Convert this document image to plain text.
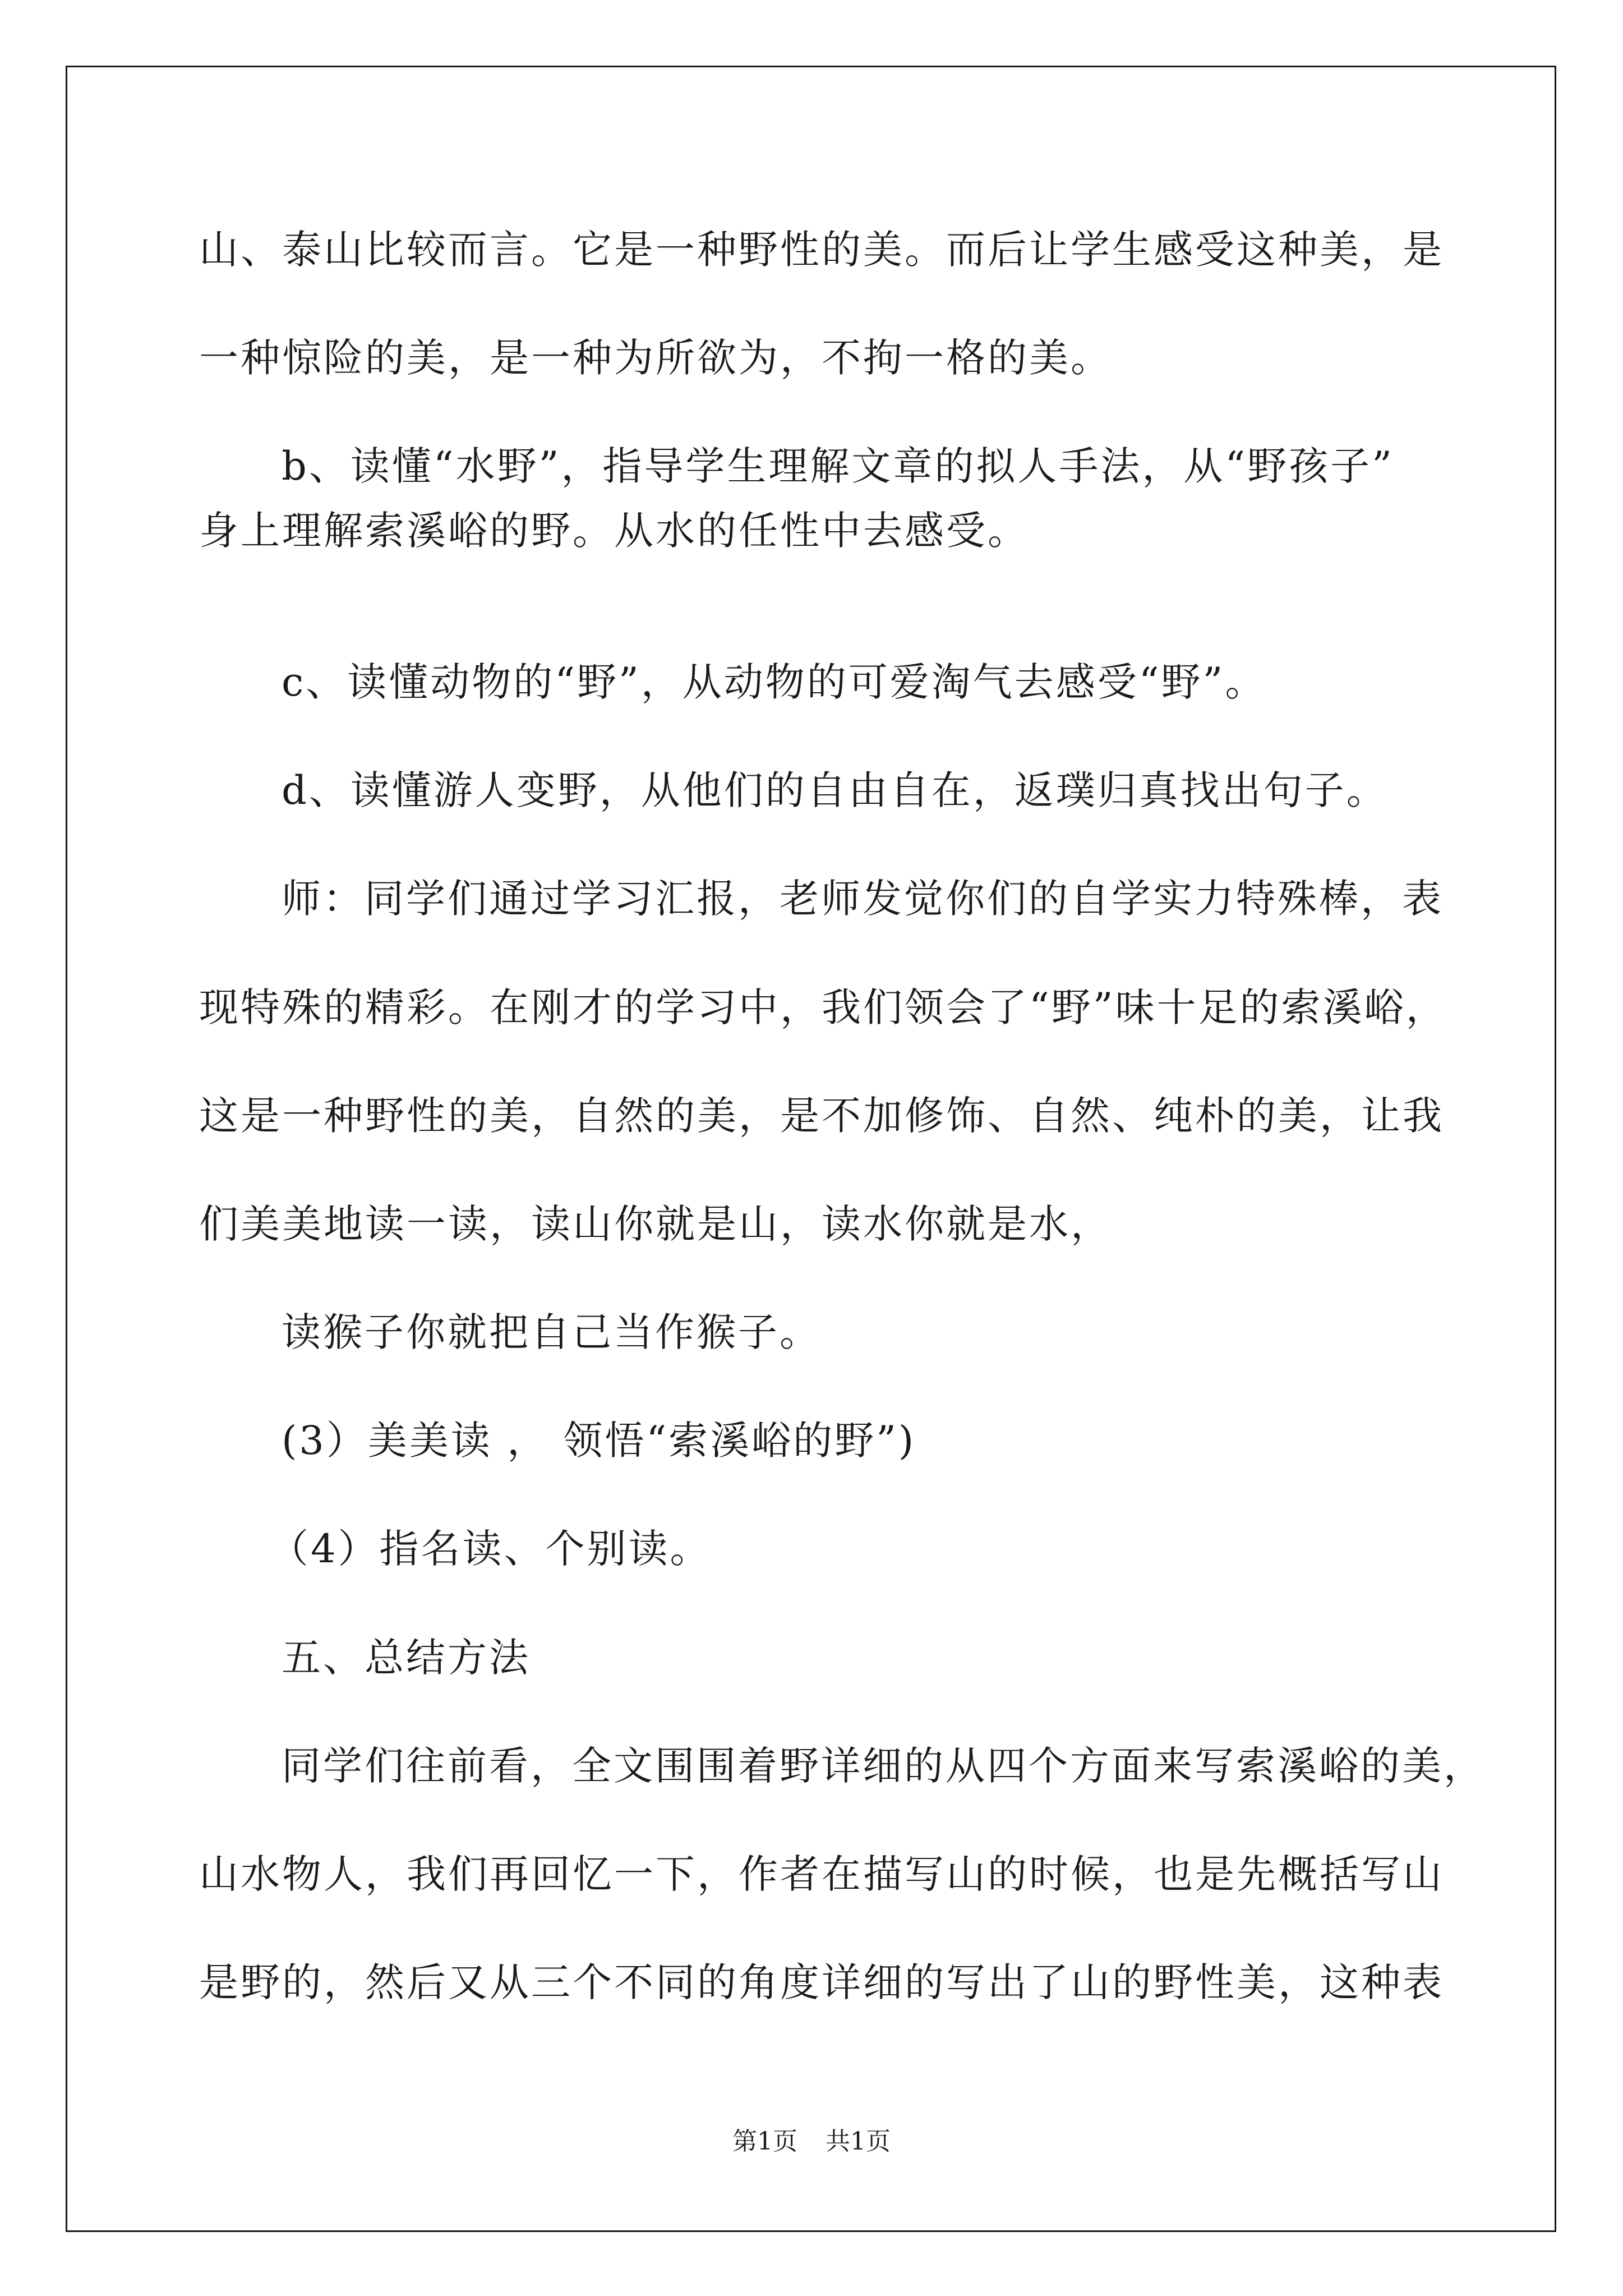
山、泰山比较而言。它是一种野性的美。而后让学生感受这种美，是

一种惊险的美，是一种为所欲为，不拘一格的美。

b、读懂“水野”，指导学生理解文章的拟人手法，从“野孩子”

身上理解索溪峪的野。从水的任性中去感受。

c、读懂动物的“野”，从动物的可爱淘气去感受“野”。

d、读懂游人变野，从他们的自由自在，返璞归真找出句子。

师：同学们通过学习汇报，老师发觉你们的自学实力特殊棒，表

现特殊的精彩。在刚才的学习中，我们领会了“野”味十足的索溪峪，

这是一种野性的美，自然的美，是不加修饰、自然、纯朴的美，让我

们美美地读一读，读山你就是山，读水你就是水，

读猴子你就把自己当作猴子。

(3）美美读 ， 领悟“索溪峪的野”)

（4）指名读、个别读。

五、总结方法

同学们往前看，全文围围着野详细的从四个方面来写索溪峪的美，

山水物人，我们再回忆一下，作者在描写山的时候，也是先概括写山

是野的，然后又从三个不同的角度详细的写出了山的野性美，这种表

第1页 共1页
